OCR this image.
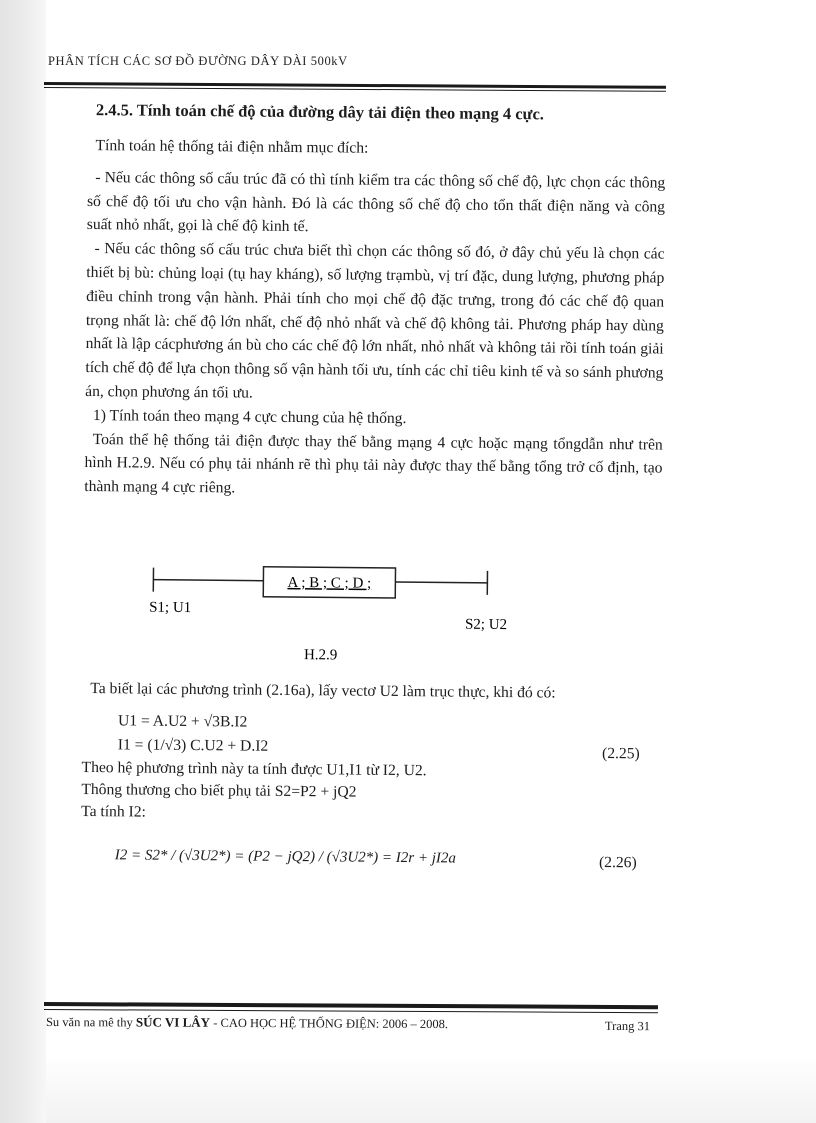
PHÂN TÍCH CÁC SƠ ĐỒ ĐƯỜNG DÂY DÀI 500kV
2.4.5. Tính toán chế độ của đường dây tải điện theo mạng 4 cực.

Tính toán hệ thống tải điện nhằm mục đích:

- Nếu các thông số cấu trúc đã có thì tính kiểm tra các thông số chế độ, lực chọn các thông số chế độ tối ưu cho vận hành. Đó là các thông số chế độ cho tổn thất điện năng và công suất nhỏ nhất, gọi là chế độ kinh tế.

- Nếu các thông số cấu trúc chưa biết thì chọn các thông số đó, ở đây chủ yếu là chọn các thiết bị bù: chủng loại (tụ hay kháng), số lượng trạmbù, vị trí đặc, dung lượng, phương pháp điều chỉnh trong vận hành. Phải tính cho mọi chế độ đặc trưng, trong đó các chế độ quan trọng nhất là: chế độ lớn nhất, chế độ nhỏ nhất và chế độ không tải. Phương pháp hay dùng nhất là lập cácphương án bù cho các chế độ lớn nhất, nhỏ nhất và không tải rồi tính toán giải tích chế độ để lựa chọn thông số vận hành tối ưu, tính các chỉ tiêu kinh tế và so sánh phương án, chọn phương án tối ưu.

1) Tính toán theo mạng 4 cực chung của hệ thống.

Toán thể hệ thống tải điện được thay thế bằng mạng 4 cực hoặc mạng tổngdẫn như trên hình H.2.9. Nếu có phụ tải nhánh rẽ thì phụ tải này được thay thế bằng tổng trở cố định, tạo thành mạng 4 cực riêng.

A ; B ; C ; D ;
S1; U1
S2; U2
H.2.9

Ta biết lại các phương trình (2.16a), lấy vectơ U2 làm trục thực, khi đó có:

U1 = A.U2 + √3B.I2
I1 = (1/√3) C.U2 + D.I2	(2.25)
Theo hệ phương trình này ta tính được U1,I1 từ I2, U2.
Thông thương cho biết phụ tải S2=P2 + jQ2
Ta tính I2:
I2 = S2* / (√3U2*) = (P2 − jQ2) / (√3U2*) = I2r + jI2a	(2.26)
Su văn na mê thy SÚC VI LÂY - CAO HỌC HỆ THỐNG ĐIỆN: 2006 – 2008.	Trang 31
